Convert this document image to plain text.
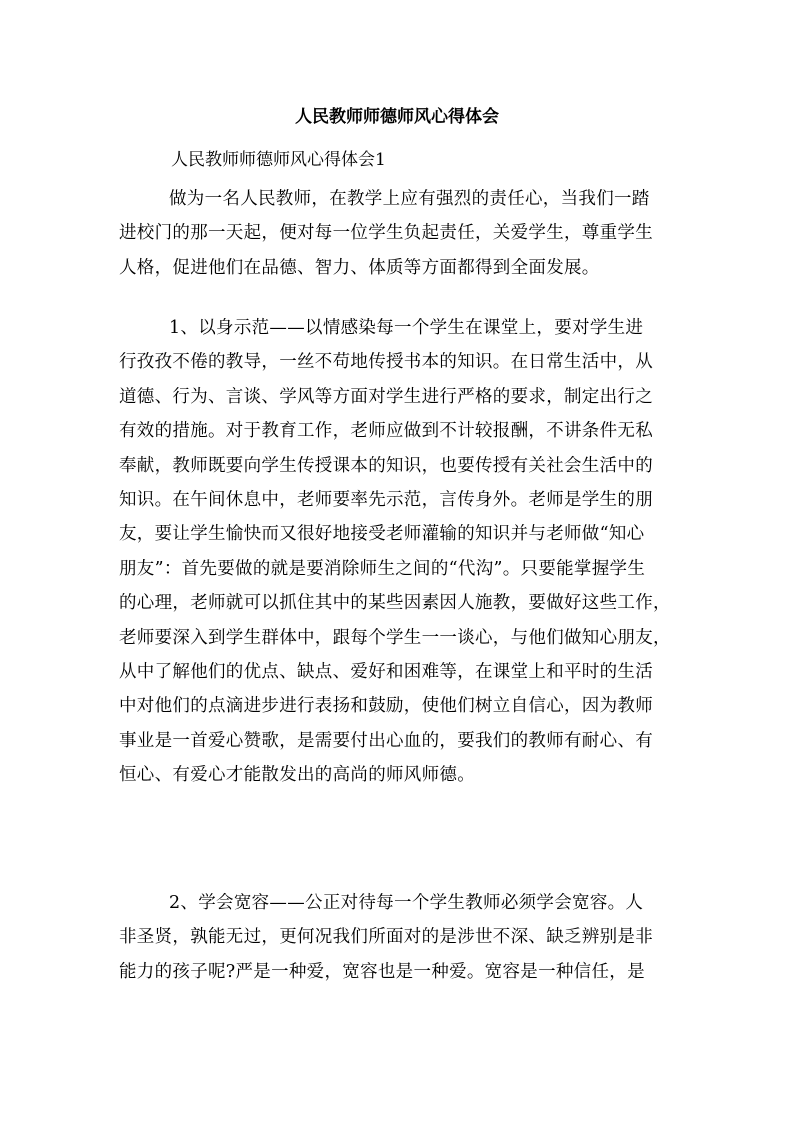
人民教师师德师风心得体会

人民教师师德师风心得体会1

做为一名人民教师，在教学上应有强烈的责任心，当我们一踏
进校门的那一天起，便对每一位学生负起责任，关爱学生，尊重学生
人格，促进他们在品德、智力、体质等方面都得到全面发展。

1、以身示范——以情感染每一个学生在课堂上，要对学生进
行孜孜不倦的教导，一丝不苟地传授书本的知识。在日常生活中，从
道德、行为、言谈、学风等方面对学生进行严格的要求，制定出行之
有效的措施。对于教育工作，老师应做到不计较报酬，不讲条件无私
奉献，教师既要向学生传授课本的知识，也要传授有关社会生活中的
知识。在午间休息中，老师要率先示范，言传身外。老师是学生的朋
友，要让学生愉快而又很好地接受老师灌输的知识并与老师做“知心
朋友”：首先要做的就是要消除师生之间的“代沟”。只要能掌握学生
的心理，老师就可以抓住其中的某些因素因人施教，要做好这些工作，
老师要深入到学生群体中，跟每个学生一一谈心，与他们做知心朋友，
从中了解他们的优点、缺点、爱好和困难等，在课堂上和平时的生活
中对他们的点滴进步进行表扬和鼓励，使他们树立自信心，因为教师
事业是一首爱心赞歌，是需要付出心血的，要我们的教师有耐心、有
恒心、有爱心才能散发出的高尚的师风师德。

2、学会宽容——公正对待每一个学生教师必须学会宽容。人
非圣贤，孰能无过，更何况我们所面对的是涉世不深、缺乏辨别是非
能力的孩子呢?严是一种爱，宽容也是一种爱。宽容是一种信任，是
